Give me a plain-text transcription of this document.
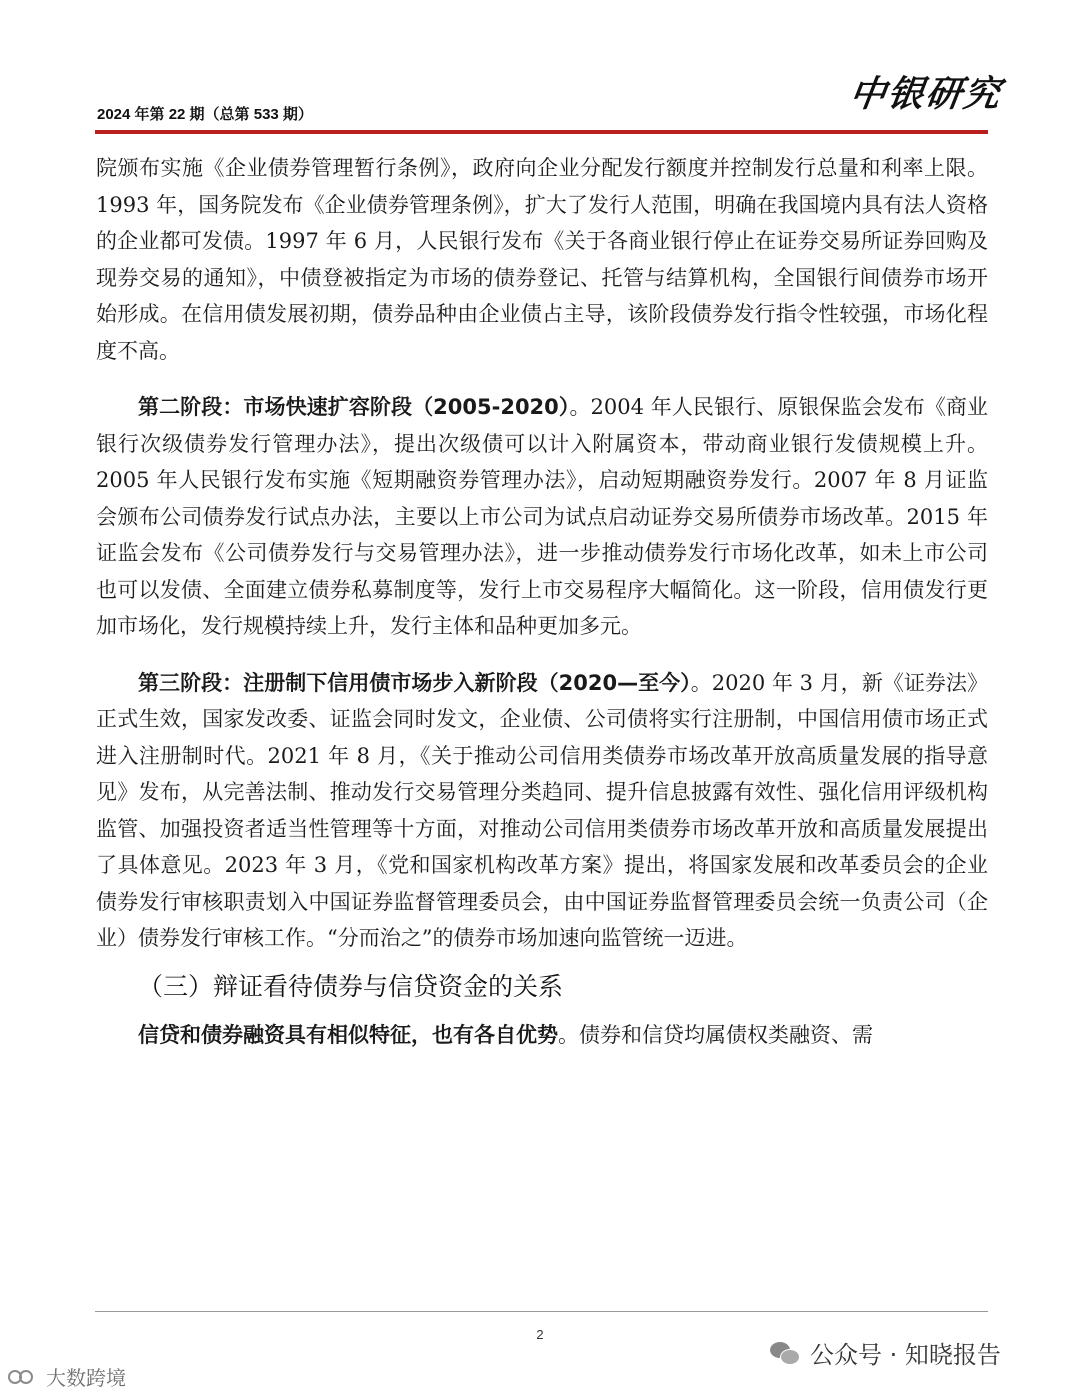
2024 年第 22 期（总第 533 期）	中银研究

院颁布实施《企业债券管理暂行条例》，政府向企业分配发行额度并控制发行总量和利率上限。1993 年，国务院发布《企业债券管理条例》，扩大了发行人范围，明确在我国境内具有法人资格的企业都可发债。1997 年 6 月，人民银行发布《关于各商业银行停止在证券交易所证券回购及现券交易的通知》，中债登被指定为市场的债券登记、托管与结算机构，全国银行间债券市场开始形成。在信用债发展初期，债券品种由企业债占主导，该阶段债券发行指令性较强，市场化程度不高。

第二阶段：市场快速扩容阶段（2005-2020）。2004 年人民银行、原银保监会发布《商业银行次级债券发行管理办法》，提出次级债可以计入附属资本，带动商业银行发债规模上升。2005 年人民银行发布实施《短期融资券管理办法》，启动短期融资券发行。2007 年 8 月证监会颁布公司债券发行试点办法，主要以上市公司为试点启动证券交易所债券市场改革。2015 年证监会发布《公司债券发行与交易管理办法》，进一步推动债券发行市场化改革，如未上市公司也可以发债、全面建立债券私募制度等，发行上市交易程序大幅简化。这一阶段，信用债发行更加市场化，发行规模持续上升，发行主体和品种更加多元。

第三阶段：注册制下信用债市场步入新阶段（2020—至今）。2020 年 3 月，新《证券法》正式生效，国家发改委、证监会同时发文，企业债、公司债将实行注册制，中国信用债市场正式进入注册制时代。2021 年 8 月，《关于推动公司信用类债券市场改革开放高质量发展的指导意见》发布，从完善法制、推动发行交易管理分类趋同、提升信息披露有效性、强化信用评级机构监管、加强投资者适当性管理等十方面，对推动公司信用类债券市场改革开放和高质量发展提出了具体意见。2023 年 3 月，《党和国家机构改革方案》提出，将国家发展和改革委员会的企业债券发行审核职责划入中国证券监督管理委员会，由中国证券监督管理委员会统一负责公司（企业）债券发行审核工作。“分而治之”的债券市场加速向监管统一迈进。

（三）辩证看待债券与信贷资金的关系

信贷和债券融资具有相似特征，也有各自优势。债券和信贷均属债权类融资、需

2
公众号 · 知晓报告
大数跨境
